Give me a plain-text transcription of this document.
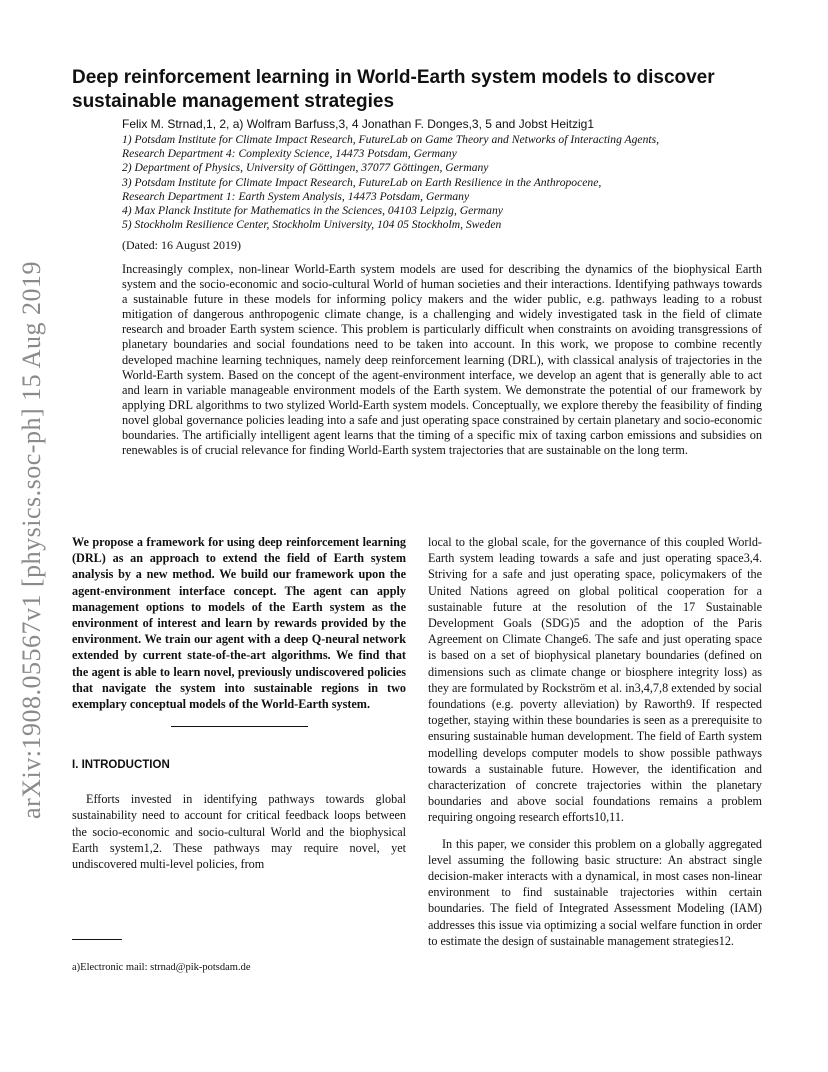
arXiv:1908.05567v1 [physics.soc-ph] 15 Aug 2019
Deep reinforcement learning in World-Earth system models to discover sustainable management strategies
Felix M. Strnad,1, 2, a) Wolfram Barfuss,3, 4 Jonathan F. Donges,3, 5 and Jobst Heitzig1
1) Potsdam Institute for Climate Impact Research, FutureLab on Game Theory and Networks of Interacting Agents,
Research Department 4: Complexity Science, 14473 Potsdam, Germany
2) Department of Physics, University of Göttingen, 37077 Göttingen, Germany
3) Potsdam Institute for Climate Impact Research, FutureLab on Earth Resilience in the Anthropocene,
Research Department 1: Earth System Analysis, 14473 Potsdam, Germany
4) Max Planck Institute for Mathematics in the Sciences, 04103 Leipzig, Germany
5) Stockholm Resilience Center, Stockholm University, 104 05 Stockholm, Sweden
(Dated: 16 August 2019)
Increasingly complex, non-linear World-Earth system models are used for describing the dynamics of the biophysical Earth system and the socio-economic and socio-cultural World of human societies and their interactions. Identifying pathways towards a sustainable future in these models for informing policy makers and the wider public, e.g. pathways leading to a robust mitigation of dangerous anthropogenic climate change, is a challenging and widely investigated task in the field of climate research and broader Earth system science. This problem is particularly difficult when constraints on avoiding transgressions of planetary boundaries and social foundations need to be taken into account. In this work, we propose to combine recently developed machine learning techniques, namely deep reinforcement learning (DRL), with classical analysis of trajectories in the World-Earth system. Based on the concept of the agent-environment interface, we develop an agent that is generally able to act and learn in variable manageable environment models of the Earth system. We demonstrate the potential of our framework by applying DRL algorithms to two stylized World-Earth system models. Conceptually, we explore thereby the feasibility of finding novel global governance policies leading into a safe and just operating space constrained by certain planetary and socio-economic boundaries. The artificially intelligent agent learns that the timing of a specific mix of taxing carbon emissions and subsidies on renewables is of crucial relevance for finding World-Earth system trajectories that are sustainable on the long term.
We propose a framework for using deep reinforcement learning (DRL) as an approach to extend the field of Earth system analysis by a new method. We build our framework upon the agent-environment interface concept. The agent can apply management options to models of the Earth system as the environment of interest and learn by rewards provided by the environment. We train our agent with a deep Q-neural network extended by current state-of-the-art algorithms. We find that the agent is able to learn novel, previously undiscovered policies that navigate the system into sustainable regions in two exemplary conceptual models of the World-Earth system.
I. INTRODUCTION
Efforts invested in identifying pathways towards global sustainability need to account for critical feedback loops between the socio-economic and socio-cultural World and the biophysical Earth system1,2. These pathways may require novel, yet undiscovered multi-level policies, from
a)Electronic mail: strnad@pik-potsdam.de

local to the global scale, for the governance of this coupled World-Earth system leading towards a safe and just operating space3,4. Striving for a safe and just operating space, policymakers of the United Nations agreed on global political cooperation for a sustainable future at the resolution of the 17 Sustainable Development Goals (SDG)5 and the adoption of the Paris Agreement on Climate Change6. The safe and just operating space is based on a set of biophysical planetary boundaries (defined on dimensions such as climate change or biosphere integrity loss) as they are formulated by Rockström et al. in3,4,7,8 extended by social foundations (e.g. poverty alleviation) by Raworth9. If respected together, staying within these boundaries is seen as a prerequisite to ensuring sustainable human development. The field of Earth system modelling develops computer models to show possible pathways towards a sustainable future. However, the identification and characterization of concrete trajectories within the planetary boundaries and above social foundations remains a problem requiring ongoing research efforts10,11.

In this paper, we consider this problem on a globally aggregated level assuming the following basic structure: An abstract single decision-maker interacts with a dynamical, in most cases non-linear environment to find sustainable trajectories within certain boundaries. The field of Integrated Assessment Modeling (IAM) addresses this issue via optimizing a social welfare function in order to estimate the design of sustainable management strategies12.
